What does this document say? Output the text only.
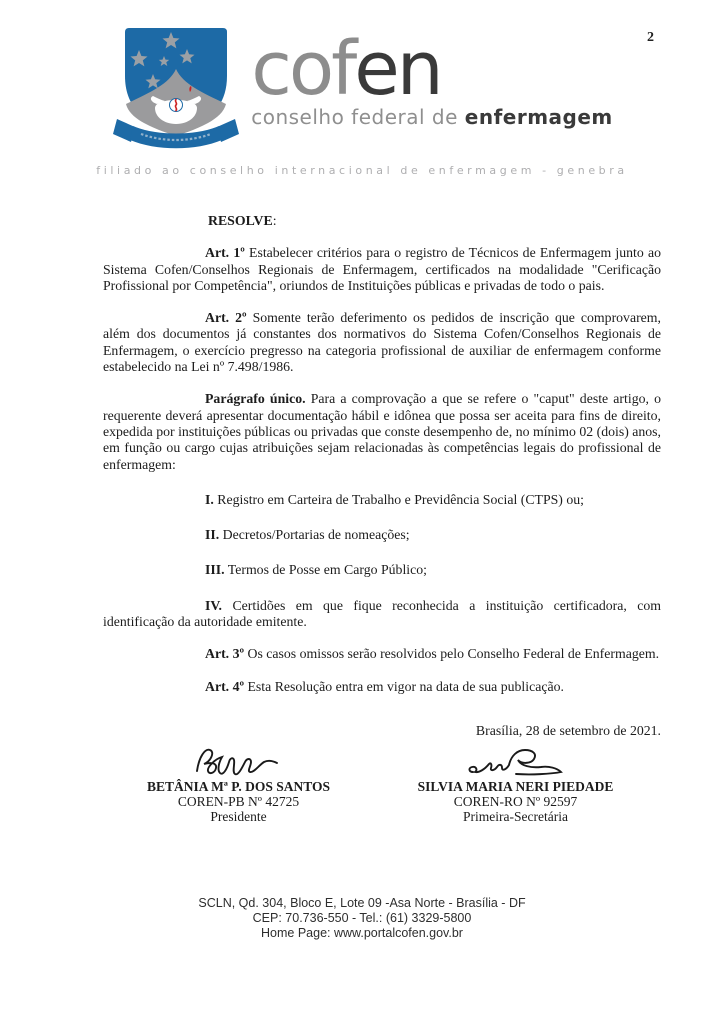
2
cofen
conselho federal de enfermagem
filiado ao conselho internacional de enfermagem - genebra

RESOLVE:

Art. 1º Estabelecer critérios para o registro de Técnicos de Enfermagem junto ao Sistema Cofen/Conselhos Regionais de Enfermagem, certificados na modalidade "Cerificação Profissional por Competência", oriundos de Instituições públicas e privadas de todo o pais.

Art. 2º Somente terão deferimento os pedidos de inscrição que comprovarem, além dos documentos já constantes dos normativos do Sistema Cofen/Conselhos Regionais de Enfermagem, o exercício pregresso na categoria profissional de auxiliar de enfermagem conforme estabelecido na Lei nº 7.498/1986.

Parágrafo único. Para a comprovação a que se refere o "caput" deste artigo, o requerente deverá apresentar documentação hábil e idônea que possa ser aceita para fins de direito, expedida por instituições públicas ou privadas que conste desempenho de, no mínimo 02 (dois) anos, em função ou cargo cujas atribuições sejam relacionadas às competências legais do profissional de enfermagem:

I. Registro em Carteira de Trabalho e Previdência Social (CTPS) ou;

II. Decretos/Portarias de nomeações;

III. Termos de Posse em Cargo Público;

IV. Certidões em que fique reconhecida a instituição certificadora, com identificação da autoridade emitente.

Art. 3º Os casos omissos serão resolvidos pelo Conselho Federal de Enfermagem.

Art. 4º Esta Resolução entra em vigor na data de sua publicação.

Brasília, 28 de setembro de 2021.

BETÂNIA Mª P. DOS SANTOS
COREN-PB Nº 42725
Presidente
SILVIA MARIA NERI PIEDADE
COREN-RO Nº 92597
Primeira-Secretária
SCLN, Qd. 304, Bloco E, Lote 09 -Asa Norte - Brasília - DF
CEP: 70.736-550 - Tel.: (61) 3329-5800
Home Page: www.portalcofen.gov.br
